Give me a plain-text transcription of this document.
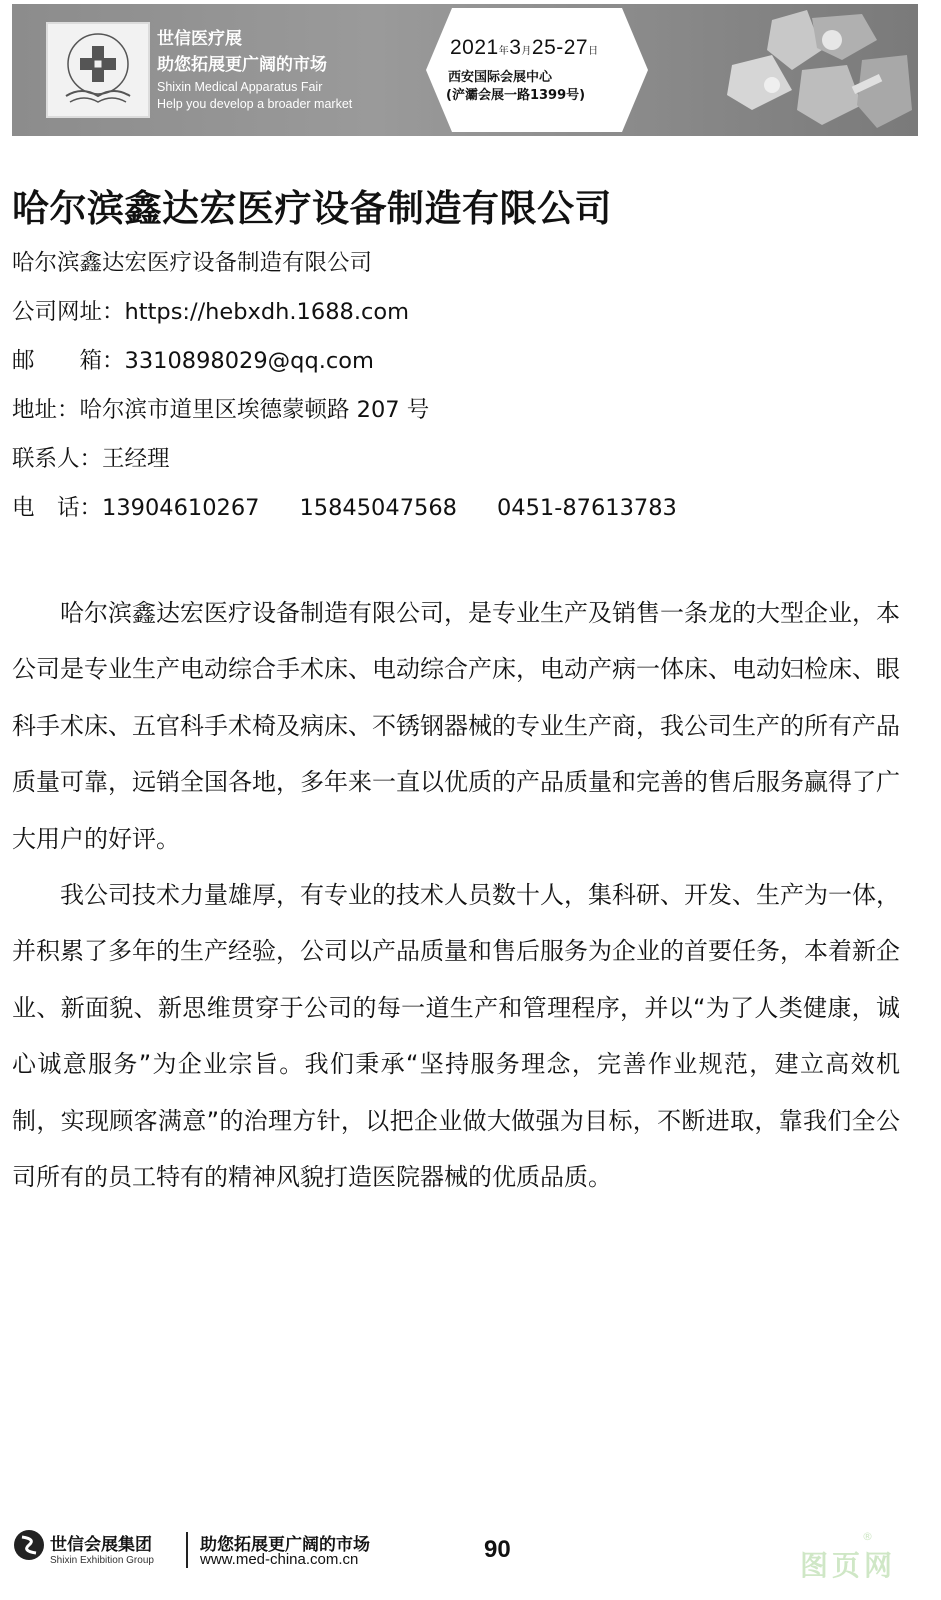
世信医疗展
助您拓展更广阔的市场
Shixin Medical Apparatus Fair
Help you develop a broader market
2021年3月25-27日
西安国际会展中心
(浐灞会展一路1399号)
哈尔滨鑫达宏医疗设备制造有限公司
哈尔滨鑫达宏医疗设备制造有限公司
公司网址：https://hebxdh.1688.com
邮　　箱：3310898029@qq.com
地址：哈尔滨市道里区埃德蒙顿路 207 号
联系人：王经理
电　话：13904610267 15845047568 0451-87613783

哈尔滨鑫达宏医疗设备制造有限公司，是专业生产及销售一条龙的大型企业，本公司是专业生产电动综合手术床、电动综合产床，电动产病一体床、电动妇检床、眼科手术床、五官科手术椅及病床、不锈钢器械的专业生产商，我公司生产的所有产品质量可靠，远销全国各地，多年来一直以优质的产品质量和完善的售后服务赢得了广大用户的好评。

我公司技术力量雄厚，有专业的技术人员数十人，集科研、开发、生产为一体，并积累了多年的生产经验，公司以产品质量和售后服务为企业的首要任务，本着新企业、新面貌、新思维贯穿于公司的每一道生产和管理程序，并以“为了人类健康，诚心诚意服务”为企业宗旨。我们秉承“坚持服务理念，完善作业规范，建立高效机制，实现顾客满意”的治理方针，以把企业做大做强为目标，不断进取，靠我们全公司所有的员工特有的精神风貌打造医院器械的优质品质。

世信会展集团
Shixin Exhibition Group
助您拓展更广阔的市场
www.med-china.com.cn	90	图页网
®
